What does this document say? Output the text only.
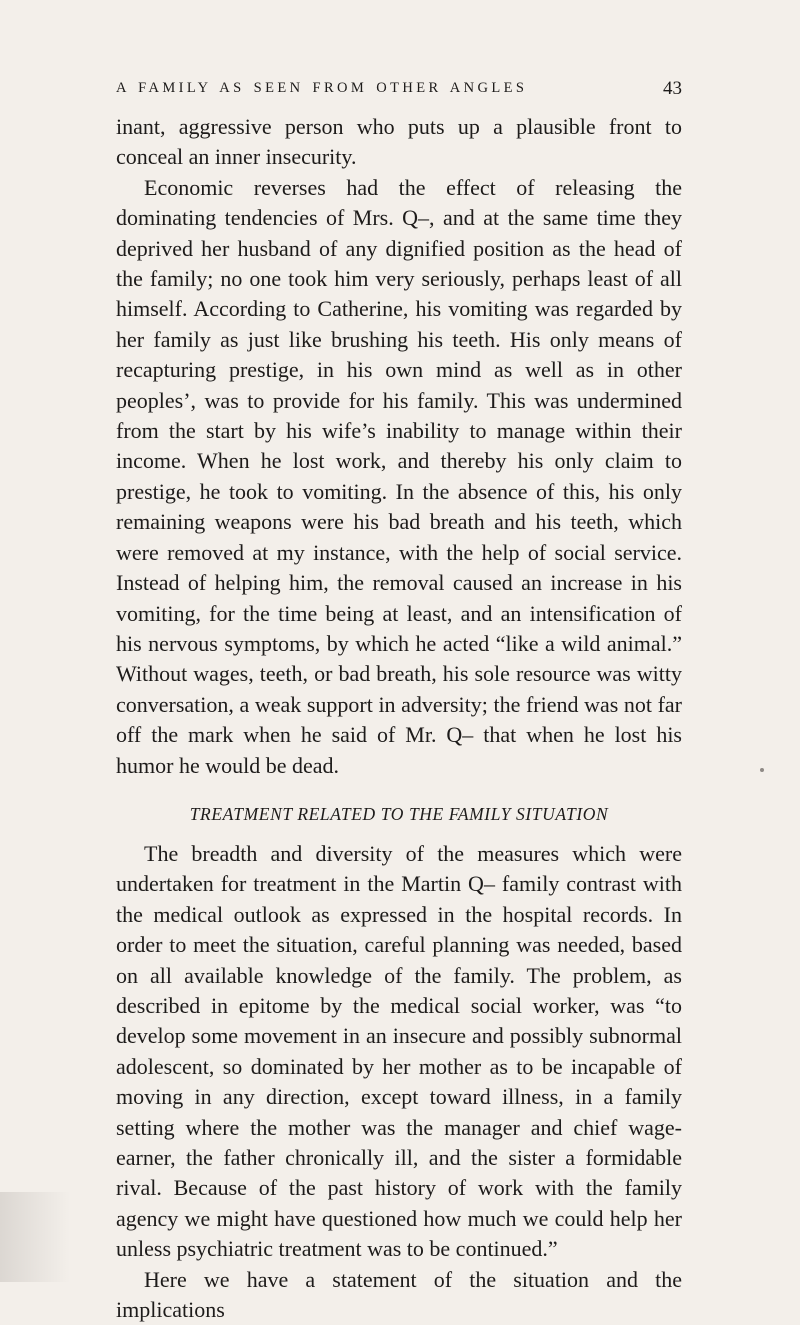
A FAMILY AS SEEN FROM OTHER ANGLES	43

inant, aggressive person who puts up a plausible front to conceal an inner insecurity.

Economic reverses had the effect of releasing the dominating tendencies of Mrs. Q–, and at the same time they deprived her husband of any dignified position as the head of the family; no one took him very seriously, perhaps least of all himself. According to Catherine, his vomiting was regarded by her family as just like brushing his teeth. His only means of recapturing prestige, in his own mind as well as in other peoples’, was to provide for his family. This was undermined from the start by his wife’s inability to manage within their income. When he lost work, and thereby his only claim to prestige, he took to vomiting. In the absence of this, his only remaining weapons were his bad breath and his teeth, which were removed at my instance, with the help of social service. Instead of helping him, the removal caused an increase in his vomiting, for the time being at least, and an intensification of his nervous symptoms, by which he acted “like a wild animal.” Without wages, teeth, or bad breath, his sole resource was witty conversation, a weak support in adversity; the friend was not far off the mark when he said of Mr. Q– that when he lost his humor he would be dead.

TREATMENT RELATED TO THE FAMILY SITUATION

The breadth and diversity of the measures which were undertaken for treatment in the Martin Q– family contrast with the medical outlook as expressed in the hospital records. In order to meet the situation, careful planning was needed, based on all available knowledge of the family. The problem, as described in epitome by the medical social worker, was “to develop some movement in an insecure and possibly subnormal adolescent, so dominated by her mother as to be incapable of moving in any direction, except toward illness, in a family setting where the mother was the manager and chief wage-earner, the father chronically ill, and the sister a formidable rival. Because of the past history of work with the family agency we might have questioned how much we could help her unless psychiatric treatment was to be continued.”

Here we have a statement of the situation and the implications
